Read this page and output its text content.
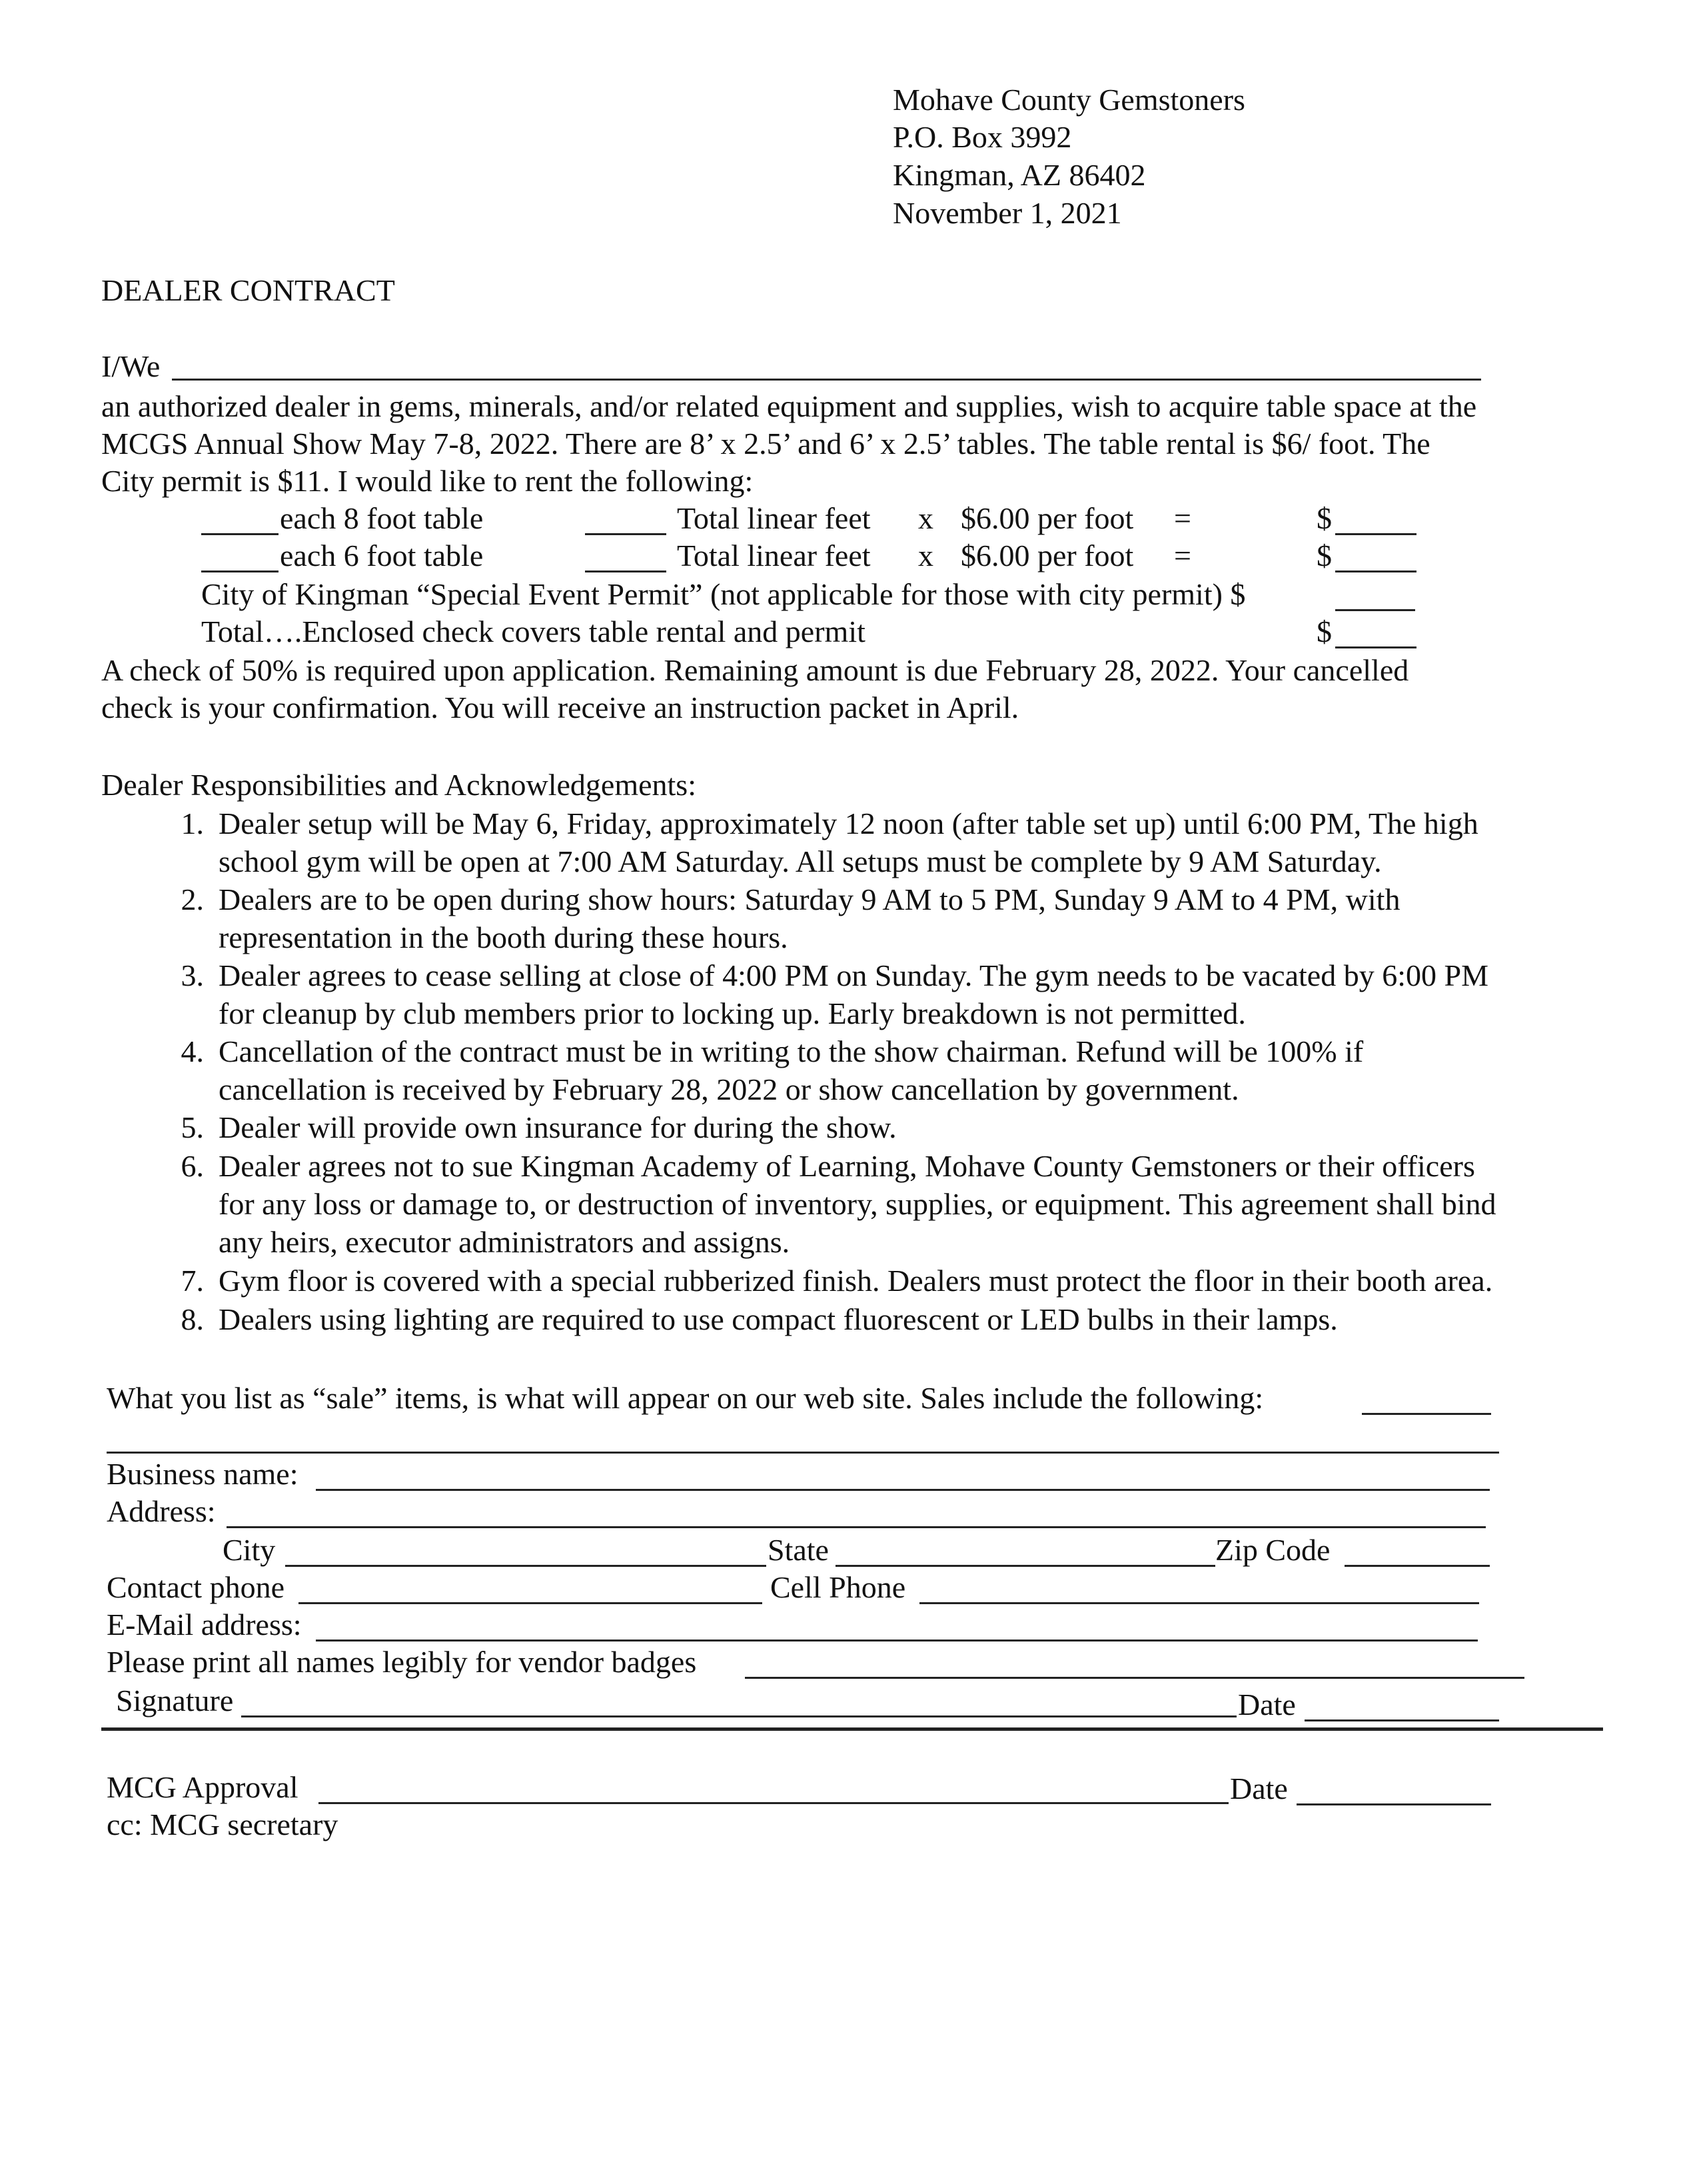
Mohave County Gemstoners
P.O. Box 3992
Kingman, AZ 86402
November 1, 2021
DEALER CONTRACT
I/We
an authorized dealer in gems, minerals, and/or related equipment and supplies, wish to acquire table space at the
MCGS Annual Show May 7-8, 2022. There are 8’ x 2.5’ and 6’ x 2.5’ tables. The table rental is $6/ foot. The
City permit is $11. I would like to rent the following:
each 8 foot table	Total linear feet x $6.00 per foot =	$
each 6 foot table	Total linear feet x $6.00 per foot =	$
City of Kingman “Special Event Permit” (not applicable for those with city permit) $
Total….Enclosed check covers table rental and permit	$
A check of 50% is required upon application. Remaining amount is due February 28, 2022. Your cancelled
check is your confirmation. You will receive an instruction packet in April.
Dealer Responsibilities and Acknowledgements:
1. Dealer setup will be May 6, Friday, approximately 12 noon (after table set up) until 6:00 PM, The high
school gym will be open at 7:00 AM Saturday. All setups must be complete by 9 AM Saturday.
2. Dealers are to be open during show hours: Saturday 9 AM to 5 PM, Sunday 9 AM to 4 PM, with
representation in the booth during these hours.
3. Dealer agrees to cease selling at close of 4:00 PM on Sunday. The gym needs to be vacated by 6:00 PM
for cleanup by club members prior to locking up. Early breakdown is not permitted.
4. Cancellation of the contract must be in writing to the show chairman. Refund will be 100% if
cancellation is received by February 28, 2022 or show cancellation by government.
5. Dealer will provide own insurance for during the show.
6. Dealer agrees not to sue Kingman Academy of Learning, Mohave County Gemstoners or their officers
for any loss or damage to, or destruction of inventory, supplies, or equipment. This agreement shall bind
any heirs, executor administrators and assigns.
7. Gym floor is covered with a special rubberized finish. Dealers must protect the floor in their booth area.
8. Dealers using lighting are required to use compact fluorescent or LED bulbs in their lamps.
What you list as “sale” items, is what will appear on our web site. Sales include the following:
Business name:
Address:
City	State	Zip Code
Contact phone	Cell Phone
E-Mail address:
Please print all names legibly for vendor badges
Signature	Date
MCG Approval	Date
cc: MCG secretary
